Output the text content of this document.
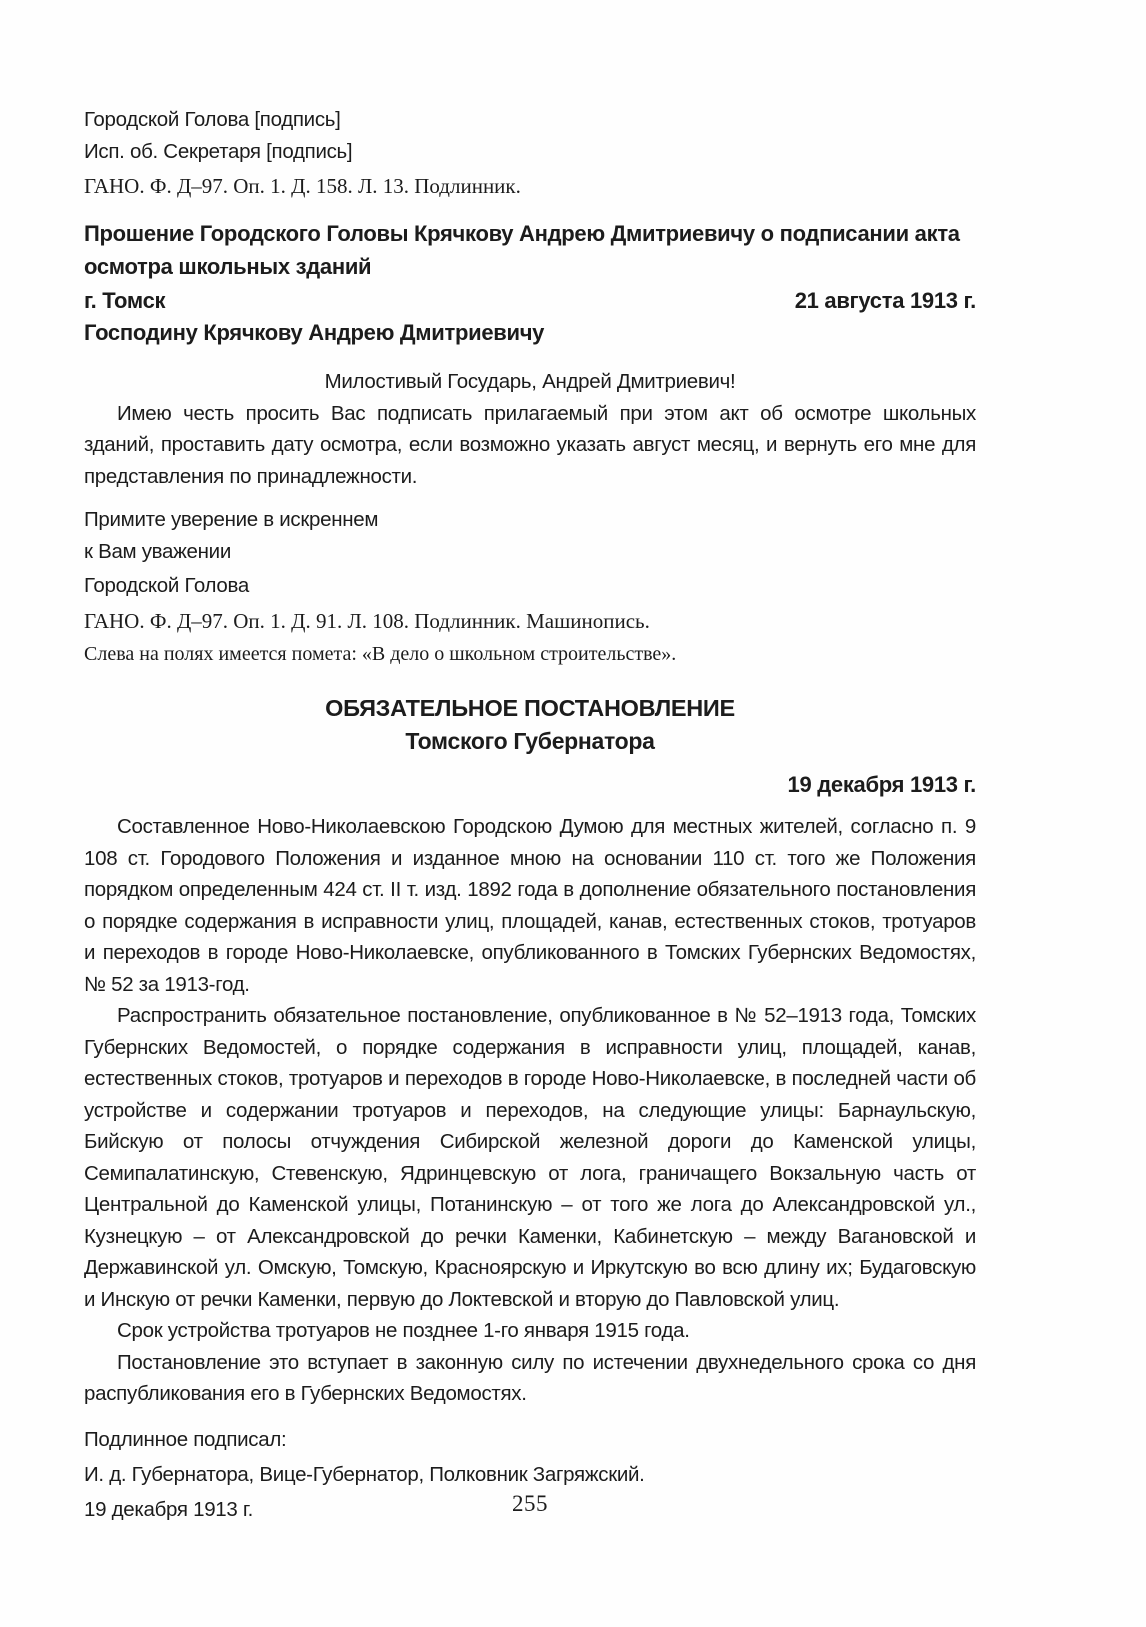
Городской Голова [подпись]
Исп. об. Секретаря [подпись]
ГАНО. Ф. Д–97. Оп. 1. Д. 158. Л. 13. Подлинник.
Прошение Городского Головы Крячкову Андрею Дмитриевичу о подписании акта осмотра школьных зданий
г. Томск	21 августа 1913 г.
Господину Крячкову Андрею Дмитриевичу
Милостивый Государь, Андрей Дмитриевич!
Имею честь просить Вас подписать прилагаемый при этом акт об осмотре школьных зданий, проставить дату осмотра, если возможно указать август месяц, и вернуть его мне для представления по принадлежности.
Примите уверение в искреннем
к Вам уважении
Городской Голова
ГАНО. Ф. Д–97. Оп. 1. Д. 91. Л. 108. Подлинник. Машинопись.
Слева на полях имеется помета: «В дело о школьном строительстве».
ОБЯЗАТЕЛЬНОЕ ПОСТАНОВЛЕНИЕ
Томского Губернатора
19 декабря 1913 г.
Составленное Ново-Николаевскою Городскою Думою для местных жителей, согласно п. 9 108 ст. Городового Положения и изданное мною на основании 110 ст. того же Положения порядком определенным 424 ст. II т. изд. 1892 года в дополнение обязательного постановления о порядке содержания в исправности улиц, площадей, канав, естественных стоков, тротуаров и переходов в городе Ново-Николаевске, опубликованного в Томских Губернских Ведомостях, № 52 за 1913-год.
Распространить обязательное постановление, опубликованное в № 52–1913 года, Томских Губернских Ведомостей, о порядке содержания в исправности улиц, площадей, канав, естественных стоков, тротуаров и переходов в городе Ново-Николаевске, в последней части об устройстве и содержании тротуаров и переходов, на следующие улицы: Барнаульскую, Бийскую от полосы отчуждения Сибирской железной дороги до Каменской улицы, Семипалатинскую, Стевенскую, Ядринцевскую от лога, граничащего Вокзальную часть от Центральной до Каменской улицы, Потанинскую – от того же лога до Александровской ул., Кузнецкую – от Александровской до речки Каменки, Кабинетскую – между Вагановской и Державинской ул. Омскую, Томскую, Красноярскую и Иркутскую во всю длину их; Будаговскую и Инскую от речки Каменки, первую до Локтевской и вторую до Павловской улиц.
Срок устройства тротуаров не позднее 1-го января 1915 года.
Постановление это вступает в законную силу по истечении двухнедельного срока со дня распубликования его в Губернских Ведомостях.
Подлинное подписал:
И. д. Губернатора, Вице-Губернатор, Полковник Загряжский.
19 декабря 1913 г.	255
